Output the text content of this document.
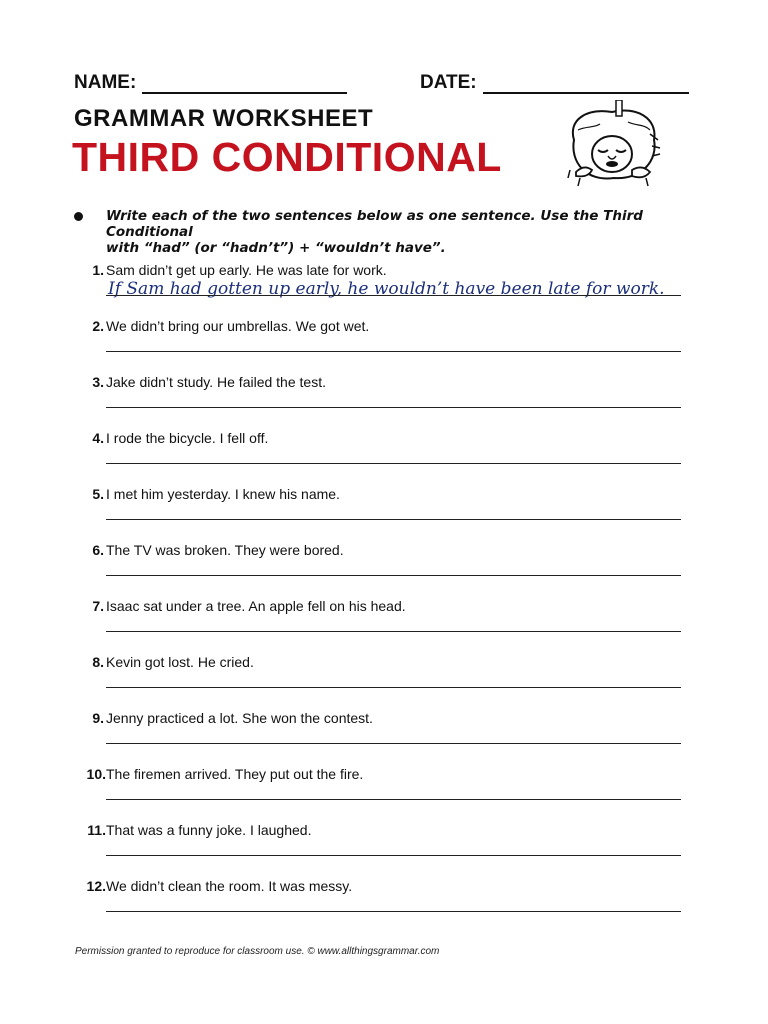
NAME:	DATE:
GRAMMAR WORKSHEET
THIRD CONDITIONAL
Write each of the two sentences below as one sentence. Use the Third Conditional
with “had” (or “hadn’t”) + “wouldn’t have”.
1. Sam didn’t get up early. He was late for work.
If Sam had gotten up early, he wouldn’t have been late for work.
2. We didn’t bring our umbrellas. We got wet.
3. Jake didn’t study. He failed the test.
4. I rode the bicycle. I fell off.
5. I met him yesterday. I knew his name.
6. The TV was broken. They were bored.
7. Isaac sat under a tree. An apple fell on his head.
8. Kevin got lost. He cried.
9. Jenny practiced a lot. She won the contest.
10. The firemen arrived. They put out the fire.
11. That was a funny joke. I laughed.
12. We didn’t clean the room. It was messy.
Permission granted to reproduce for classroom use. © www.allthingsgrammar.com
